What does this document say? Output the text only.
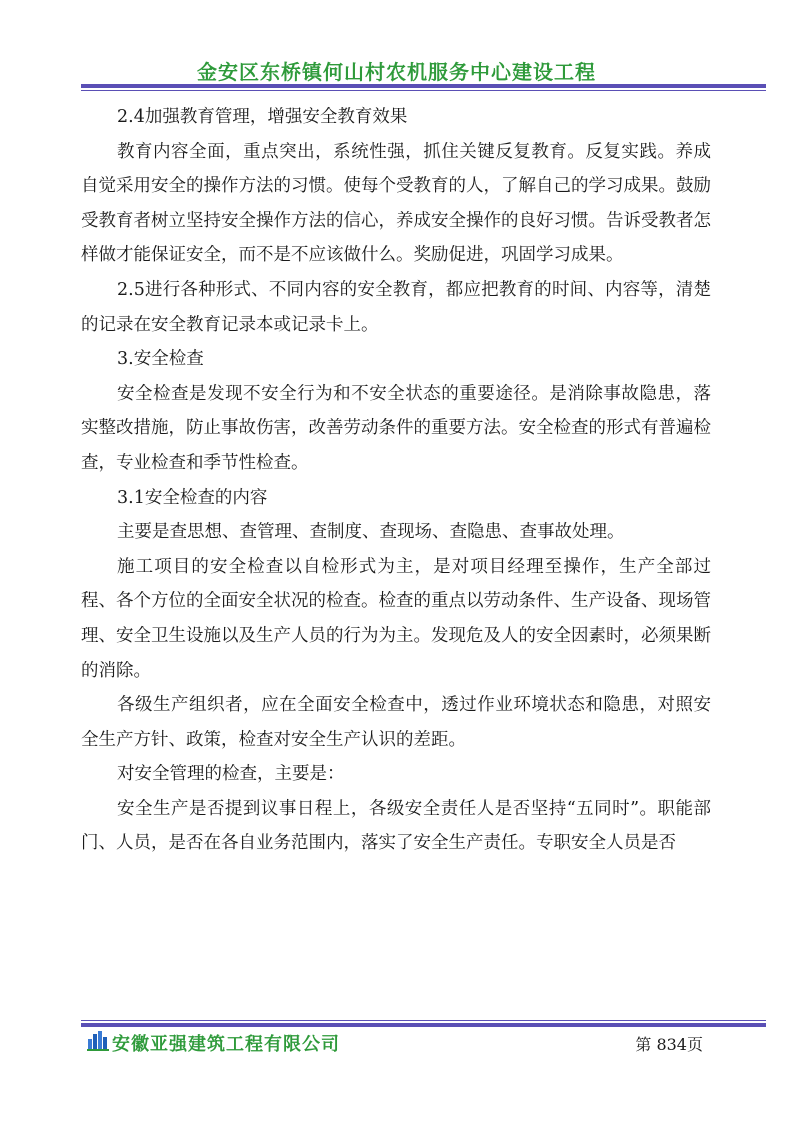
金安区东桥镇何山村农机服务中心建设工程

2.4加强教育管理，增强安全教育效果

教育内容全面，重点突出，系统性强，抓住关键反复教育。反复实践。养成自觉采用安全的操作方法的习惯。使每个受教育的人，了解自己的学习成果。鼓励受教育者树立坚持安全操作方法的信心，养成安全操作的良好习惯。告诉受教者怎样做才能保证安全，而不是不应该做什么。奖励促进，巩固学习成果。

2.5进行各种形式、不同内容的安全教育，都应把教育的时间、内容等，清楚的记录在安全教育记录本或记录卡上。

3.安全检查

安全检查是发现不安全行为和不安全状态的重要途径。是消除事故隐患，落实整改措施，防止事故伤害，改善劳动条件的重要方法。安全检查的形式有普遍检查，专业检查和季节性检查。

3.1安全检查的内容

主要是查思想、查管理、查制度、查现场、查隐患、查事故处理。

施工项目的安全检查以自检形式为主，是对项目经理至操作，生产全部过程、各个方位的全面安全状况的检查。检查的重点以劳动条件、生产设备、现场管理、安全卫生设施以及生产人员的行为为主。发现危及人的安全因素时，必须果断的消除。

各级生产组织者，应在全面安全检查中，透过作业环境状态和隐患，对照安全生产方针、政策，检查对安全生产认识的差距。

对安全管理的检查，主要是：

安全生产是否提到议事日程上，各级安全责任人是否坚持“五同时”。职能部门、人员，是否在各自业务范围内，落实了安全生产责任。专职安全人员是否

安徽亚强建筑工程有限公司	第 834页
